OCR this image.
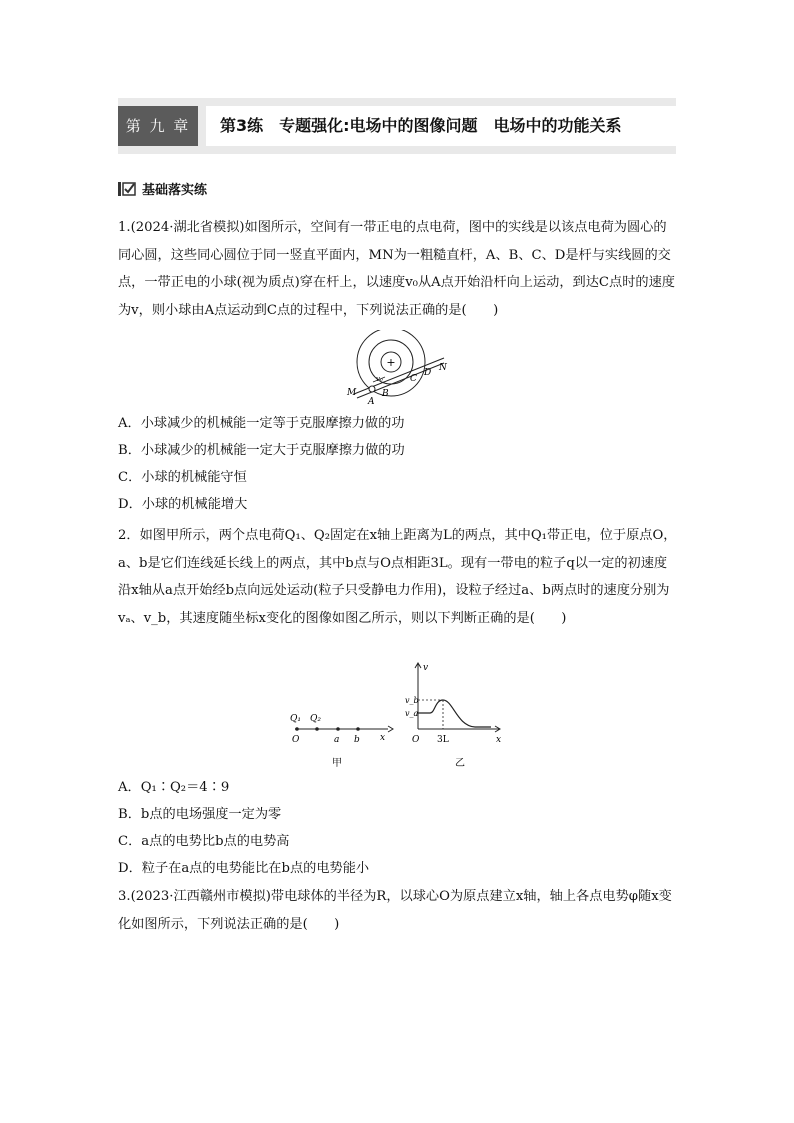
第 九 章	第3练　专题强化:电场中的图像问题　电场中的功能关系
基础落实练
1.(2024·湖北省模拟)如图所示，空间有一带正电的点电荷，图中的实线是以该点电荷为圆心的同心圆，这些同心圆位于同一竖直平面内，MN为一粗糙直杆，A、B、C、D是杆与实线圆的交点，一带正电的小球(视为质点)穿在杆上，以速度v₀从A点开始沿杆向上运动，到达C点时的速度为v，则小球由A点运动到C点的过程中，下列说法正确的是(　　)
+
M
N
A
B
C
D
v₀
A．小球减少的机械能一定等于克服摩擦力做的功
B．小球减少的机械能一定大于克服摩擦力做的功
C．小球的机械能守恒
D．小球的机械能增大
2．如图甲所示，两个点电荷Q₁、Q₂固定在x轴上距离为L的两点，其中Q₁带正电，位于原点O，a、b是它们连线延长线上的两点，其中b点与O点相距3L。现有一带电的粒子q以一定的初速度沿x轴从a点开始经b点向远处运动(粒子只受静电力作用)，设粒子经过a、b两点时的速度分别为vₐ、v_b，其速度随坐标x变化的图像如图乙所示，则以下判断正确的是(　　)
Q₁ Q₂
O	a b x
甲
v
v_b
v_a
O 3L	x
乙
A．Q₁∶Q₂＝4∶9
B．b点的电场强度一定为零
C．a点的电势比b点的电势高
D．粒子在a点的电势能比在b点的电势能小
3.(2023·江西赣州市模拟)带电球体的半径为R，以球心O为原点建立x轴，轴上各点电势φ随x变化如图所示，下列说法正确的是(　　)
